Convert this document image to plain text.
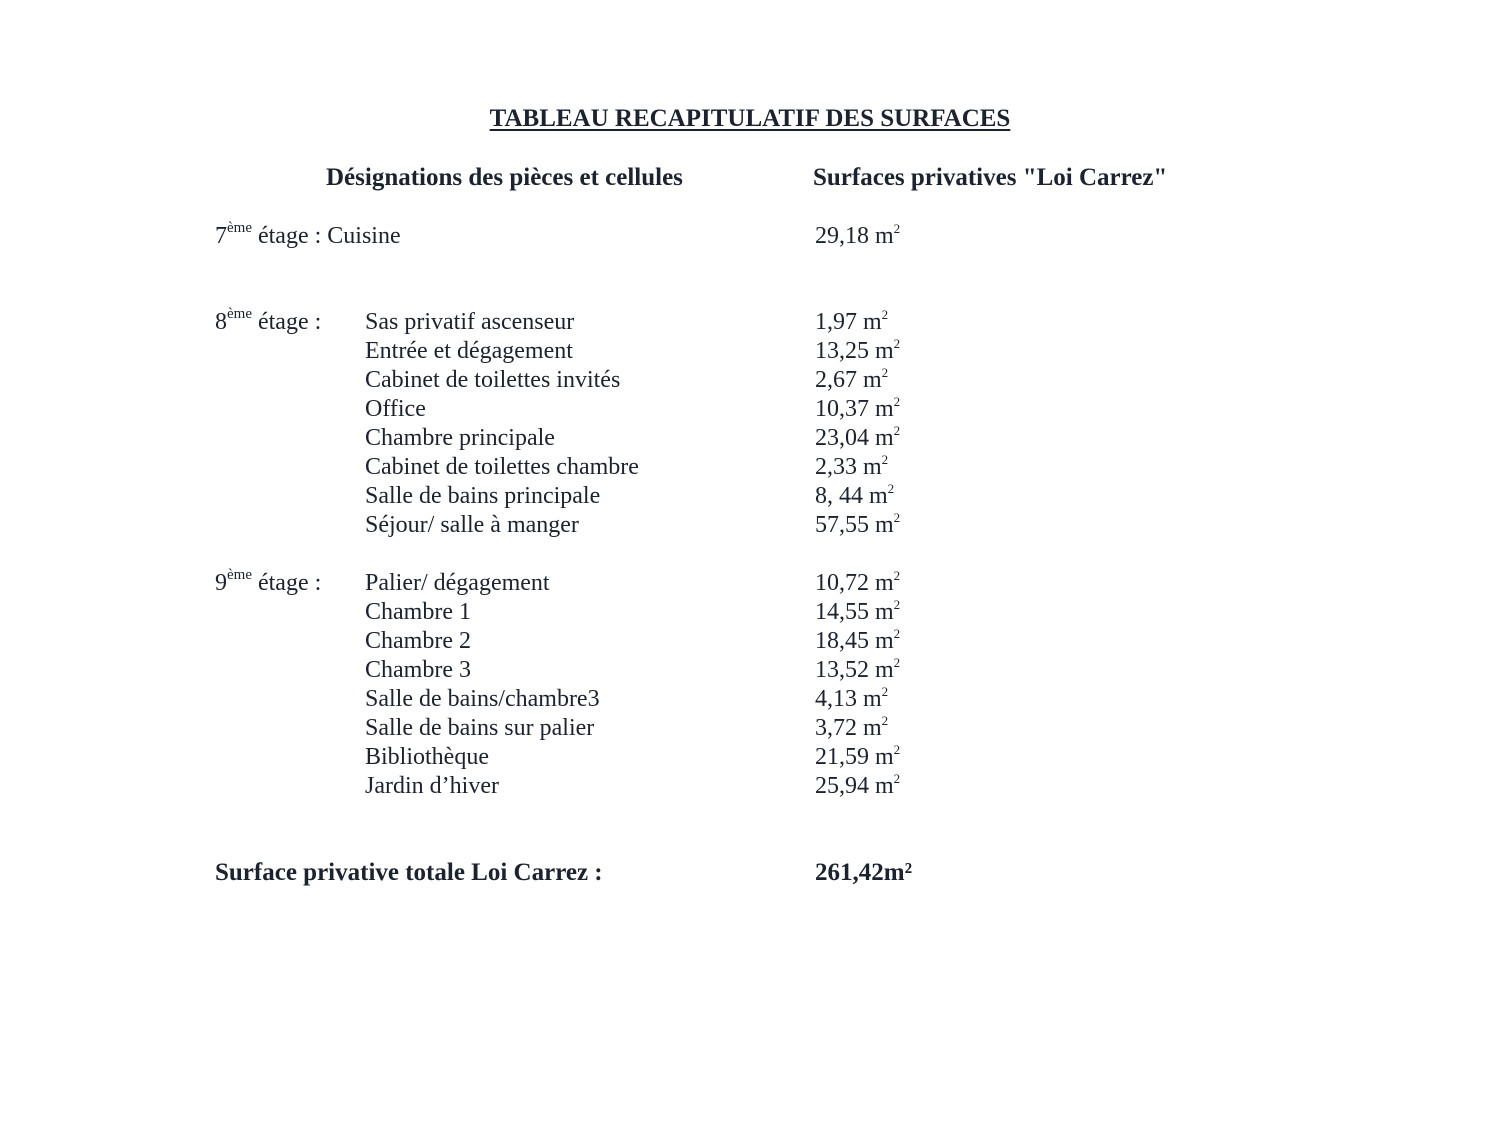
TABLEAU RECAPITULATIF DES SURFACES
Désignations des pièces et cellules	Surfaces privatives "Loi Carrez"
7ème étage : Cuisine	29,18 $m^2$
8ème étage : Sas privatif ascenseur	1,97 $m^2$
Entrée et dégagement	13,25 $m^2$
Cabinet de toilettes invités	2,67 $m^2$
Office	10,37 $m^2$
Chambre principale	23,04 $m^2$
Cabinet de toilettes chambre	2,33 $m^2$
Salle de bains principale	8, 44 $m^2$
Séjour/ salle à manger	57,55 $m^2$
9ème étage : Palier/ dégagement	10,72 $m^2$
Chambre 1	14,55 $m^2$
Chambre 2	18,45 $m^2$
Chambre 3	13,52 $m^2$
Salle de bains/chambre3	4,13 $m^2$
Salle de bains sur palier	3,72 $m^2$
Bibliothèque	21,59 $m^2$
Jardin d’hiver	25,94 $m^2$
Surface privative totale Loi Carrez :	261,42m²
